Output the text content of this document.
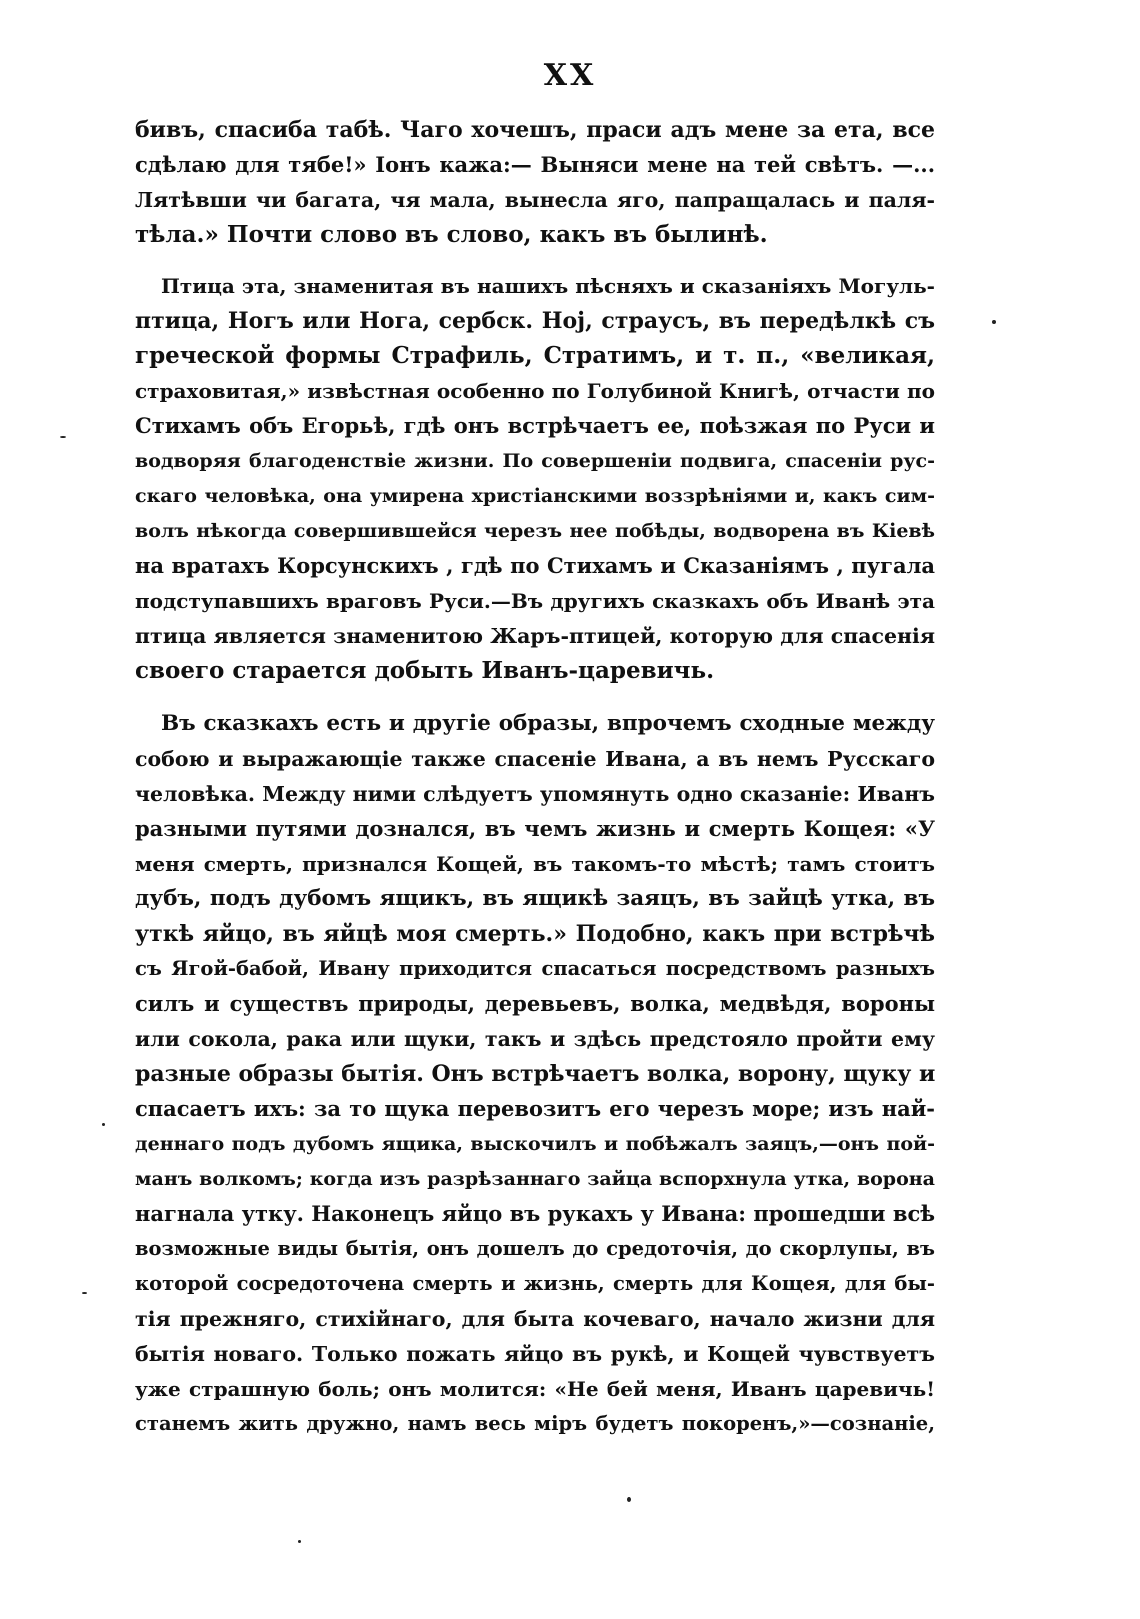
XX
бивъ, спасиба табѣ. Чаго хочешъ, праси адъ мене за ета, все
сдѣлаю для тябе!» Iонъ кажа:— Выняси мене на тей свѣтъ. —...
Лятѣвши чи багата, чя мала, вынесла яго, папращалась и паля-
тѣла.» Почти слово въ слово, какъ въ былинѣ.
Птица эта, знаменитая въ нашихъ пѣсняхъ и сказанiяхъ Могуль-
птица, Ногъ или Нога, сербск. Ној, страусъ, въ передѣлкѣ съ
греческой формы Страфиль, Стратимъ, и т. п., «великая,
страховитая,» извѣстная особенно по Голубиной Книгѣ, отчасти по
Стихамъ объ Егорьѣ, гдѣ онъ встрѣчаетъ ее, поѣзжая по Руси и
водворяя благоденствiе жизни. По совершенiи подвига, спасенiи рус-
скаго человѣка, она умирена христiанскими воззрѣнiями и, какъ сим-
волъ нѣкогда совершившейся черезъ нее побѣды, водворена въ Кiевѣ
на вратахъ Корсунскихъ , гдѣ по Стихамъ и Сказанiямъ , пугала
подступавшихъ враговъ Руси.—Въ другихъ сказкахъ объ Иванѣ эта
птица является знаменитою Жаръ-птицей, которую для спасенiя
своего старается добыть Иванъ-царевичь.
Въ сказкахъ есть и другiе образы, впрочемъ сходные между
собою и выражающiе также спасенiе Ивана, а въ немъ Русскаго
человѣка. Между ними слѣдуетъ упомянуть одно сказанiе: Иванъ
разными путями дознался, въ чемъ жизнь и смерть Кощея: «У
меня смерть, признался Кощей, въ такомъ-то мѣстѣ; тамъ стоитъ
дубъ, подъ дубомъ ящикъ, въ ящикѣ заяцъ, въ зайцѣ утка, въ
уткѣ яйцо, въ яйцѣ моя смерть.» Подобно, какъ при встрѣчѣ
съ Ягой-бабой, Ивану приходится спасаться посредствомъ разныхъ
силъ и существъ природы, деревьевъ, волка, медвѣдя, вороны
или сокола, рака или щуки, такъ и здѣсь предстояло пройти ему
разные образы бытiя. Онъ встрѣчаетъ волка, ворону, щуку и
спасаетъ ихъ: за то щука перевозитъ его черезъ море; изъ най-
деннаго подъ дубомъ ящика, выскочилъ и побѣжалъ заяцъ,—онъ пой-
манъ волкомъ; когда изъ разрѣзаннаго зайца вспорхнула утка, ворона
нагнала утку. Наконецъ яйцо въ рукахъ у Ивана: прошедши всѣ
возможные виды бытiя, онъ дошелъ до средоточiя, до скорлупы, въ
которой сосредоточена смерть и жизнь, смерть для Кощея, для бы-
тiя прежняго, стихiйнаго, для быта кочеваго, начало жизни для
бытiя новаго. Только пожать яйцо въ рукѣ, и Кощей чувствуетъ
уже страшную боль; онъ молится: «Не бей меня, Иванъ царевичь!
станемъ жить дружно, намъ весь мiръ будетъ покоренъ,»—сознанiе,
